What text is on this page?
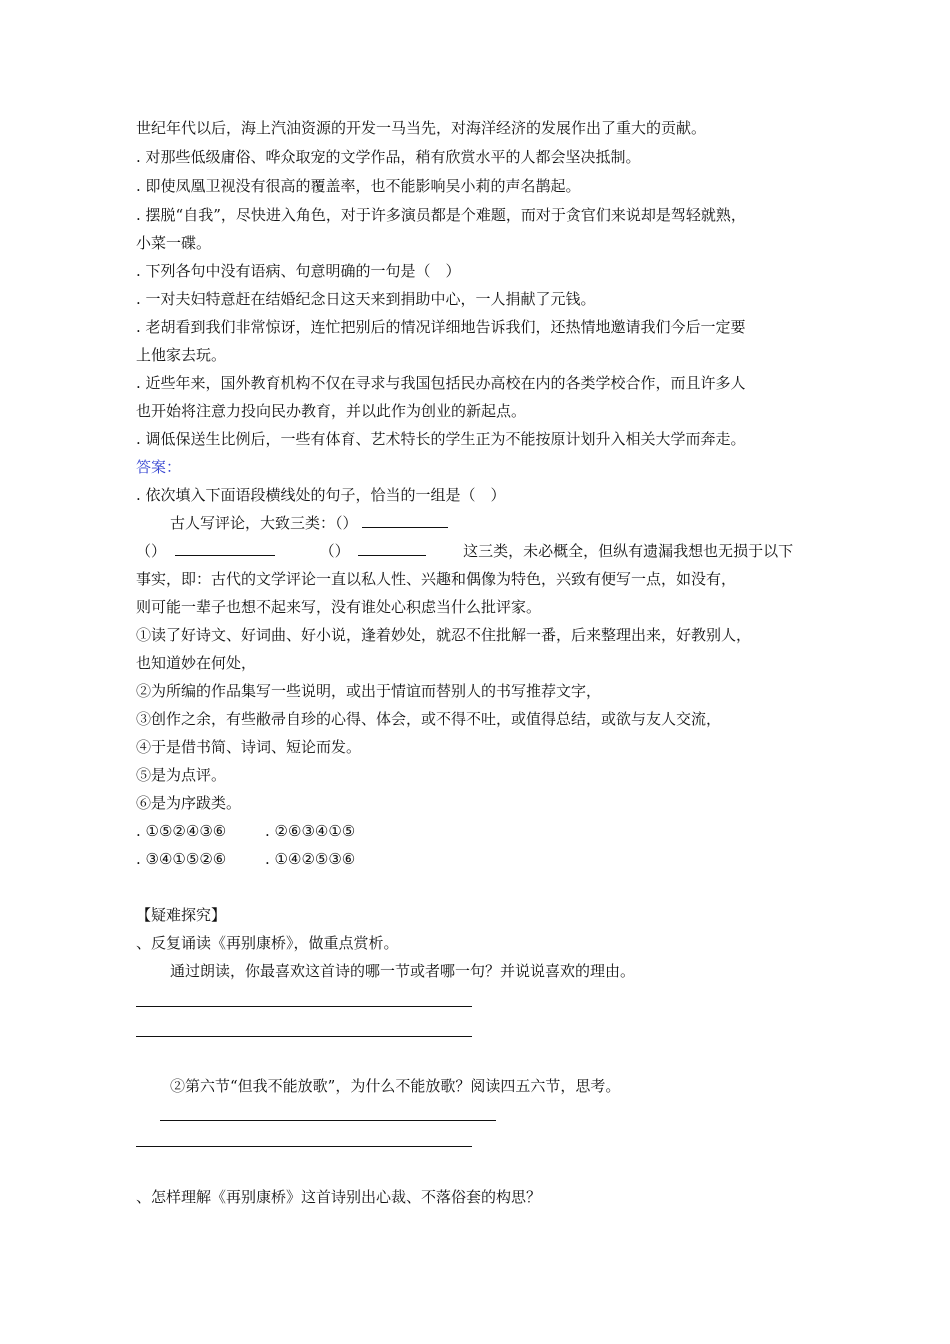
世纪年代以后，海上汽油资源的开发一马当先，对海洋经济的发展作出了重大的贡献。
. 对那些低级庸俗、哗众取宠的文学作品，稍有欣赏水平的人都会坚决抵制。
. 即使凤凰卫视没有很高的覆盖率，也不能影响吴小莉的声名鹊起。
. 摆脱“自我”，尽快进入角色，对于许多演员都是个难题，而对于贪官们来说却是驾轻就熟，
小菜一碟。
. 下列各句中没有语病、句意明确的一句是（　）
. 一对夫妇特意赶在结婚纪念日这天来到捐助中心，一人捐献了元钱。
. 老胡看到我们非常惊讶，连忙把别后的情况详细地告诉我们，还热情地邀请我们今后一定要
上他家去玩。
. 近些年来，国外教育机构不仅在寻求与我国包括民办高校在内的各类学校合作，而且许多人
也开始将注意力投向民办教育，并以此作为创业的新起点。
. 调低保送生比例后，一些有体育、艺术特长的学生正为不能按原计划升入相关大学而奔走。
答案：
. 依次填入下面语段横线处的句子，恰当的一组是（　）
古人写评论，大致三类：（）
（）	（）	这三类，未必概全，但纵有遗漏我想也无损于以下
事实，即：古代的文学评论一直以私人性、兴趣和偶像为特色，兴致有便写一点，如没有，
则可能一辈子也想不起来写，没有谁处心积虑当什么批评家。
①读了好诗文、好词曲、好小说，逢着妙处，就忍不住批解一番，后来整理出来，好教别人，
也知道妙在何处，
②为所编的作品集写一些说明，或出于情谊而替别人的书写推荐文字，
③创作之余，有些敝帚自珍的心得、体会，或不得不吐，或值得总结，或欲与友人交流，
④于是借书简、诗词、短论而发。
⑤是为点评。
⑥是为序跋类。
. ①⑤②④③⑥	. ②⑥③④①⑤
. ③④①⑤②⑥	. ①④②⑤③⑥
【疑难探究】
、反复诵读《再别康桥》，做重点赏析。
通过朗读，你最喜欢这首诗的哪一节或者哪一句？并说说喜欢的理由。
②第六节“但我不能放歌”，为什么不能放歌？阅读四五六节，思考。
、怎样理解《再别康桥》这首诗别出心裁、不落俗套的构思？
